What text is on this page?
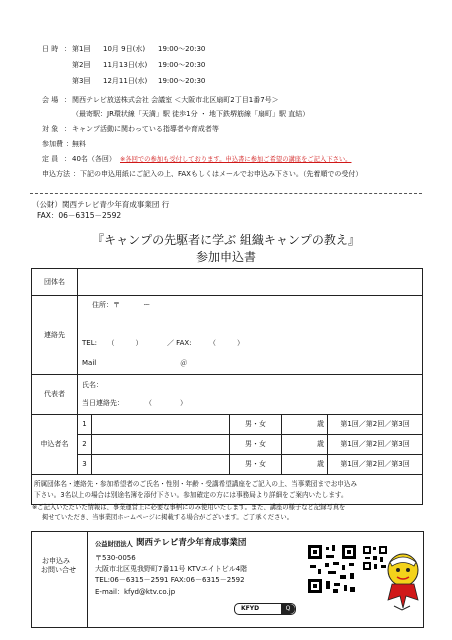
日 時 ： 第1回 10月 9日(水) 19:00～20:30
第2回 11月13日(水) 19:00～20:30
第3回 12月11日(水) 19:00～20:30
会 場 ： 関西テレビ放送株式会社 会議室 ＜大阪市北区扇町2丁目1番7号＞
（最寄駅：JR環状線「天満」駅 徒歩1分 ・ 地下鉄堺筋線「扇町」駅 直結）
対 象 ： キャンプ活動に関わっている指導者や育成者等
参加費 ： 無料
定 員 ： 40名（各回） ※各回での参加も受付しております。申込書に参加ご希望の講座をご記入下さい。
申込方法 ： 下記の申込用紙にご記入の上、FAXもしくはメールでお申込み下さい。（先着順での受付）
（公財）関西テレビ青少年育成事業団 行
FAX：06－6315－2592
『キャンプの先駆者に学ぶ 組織キャンプの教え』
参加申込書
団体名					
連絡先	住所：〒 　　　ー
TEL:　　（　　　）　　　　／ FAX:　　　（　　　）
Mail　　　　　　　　　　　　＠				

代表者	氏名：
当日連絡先：　　　　（　　　　）				

申込者名	1		男・女	歳	第1回／第2回／第3回
	2		男・女	歳	第1回／第2回／第3回
	3		男・女	歳	第1回／第2回／第3回

所属団体名・連絡先・参加希望者のご氏名・性別・年齢・受講希望講座をご記入の上、当事業団までお申込み
下さい。3名以上の場合は別途名簿を添付下さい。参加確定の方には事務局より詳細をご案内いたします。					
※ご記入いただいた情報は、事業運営上に必要な事柄にのみ使用いたします。また、講座の様子など記録写真を
掲せていただき、当事業団ホームページに掲載する場合がございます。ご了承ください。
お申込み
お問い合せ
公益財団法人 関西テレビ青少年育成事業団
〒530-0056
大阪市北区兎我野町7番11号 KTVエイトビル4階
TEL:06－6315－2591 FAX:06－6315－2592
E-mail：kfyd@ktv.co.jp
KFYD	Q
